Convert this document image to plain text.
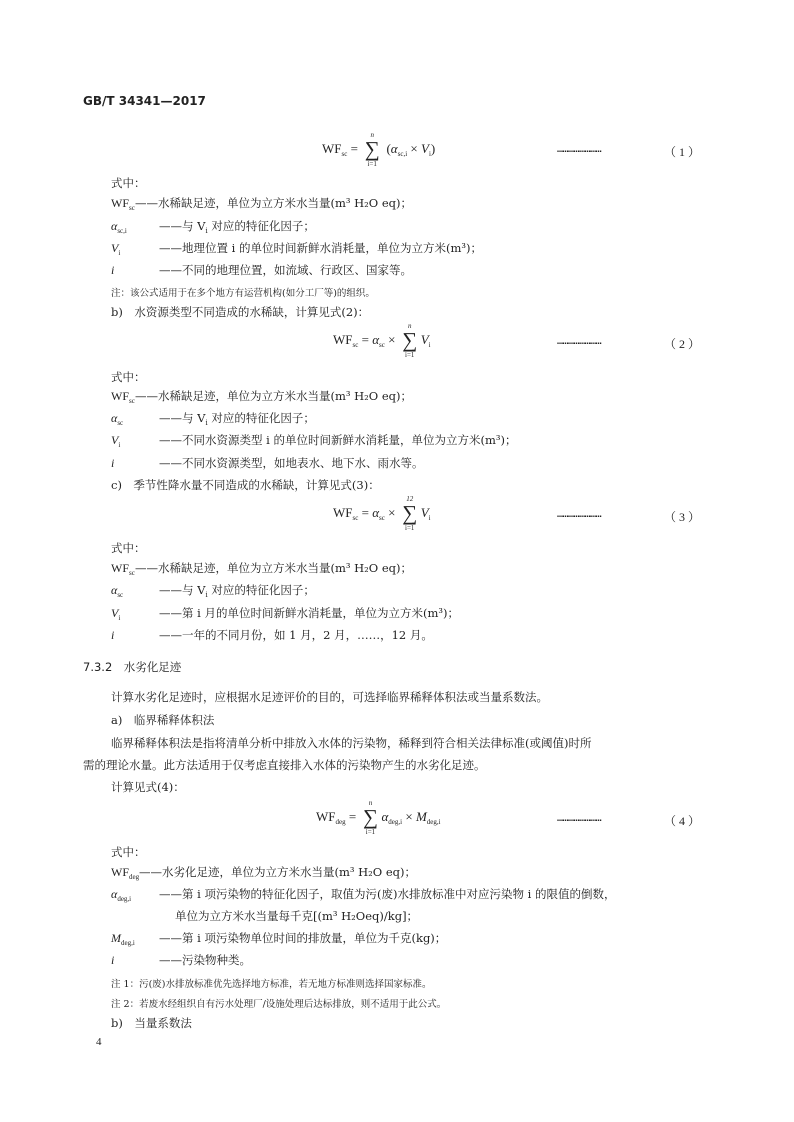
GB/T 34341—2017
$WF_{sc}$ =
n
∑
i=1
$(\alpha_{sc,i} \times V_i)$	……………………	（ 1 ）
式中：
$WF_{sc}——$水稀缺足迹，单位为立方米水当量(m³ H₂O eq)；
$\alpha_{sc,i}$	——与 $V_i$ 对应的特征化因子；
$V_i$	——地理位置 i 的单位时间新鲜水消耗量，单位为立方米(m³)；
i	——不同的地理位置，如流域、行政区、国家等。
注：该公式适用于在多个地方有运营机构(如分工厂等)的组织。
b)　水资源类型不同造成的水稀缺，计算见式(2)：
$WF_{sc} = \alpha_{sc}$ ×
n
∑
i=1
$V_i$	……………………	（ 2 ）
式中：
$WF_{sc}——$水稀缺足迹，单位为立方米水当量(m³ H₂O eq)；
$\alpha_{sc}$	——与 $V_i$ 对应的特征化因子；
$V_i$	——不同水资源类型 i 的单位时间新鲜水消耗量，单位为立方米(m³)；
i	——不同水资源类型，如地表水、地下水、雨水等。
c)　季节性降水量不同造成的水稀缺，计算见式(3)：
$WF_{sc} = \alpha_{sc}$ ×
12
∑
i=1
$V_i$	……………………	（ 3 ）
式中：
$WF_{sc}——$水稀缺足迹，单位为立方米水当量(m³ H₂O eq)；
$\alpha_{sc}$	——与 $V_i$ 对应的特征化因子；
$V_i$	——第 i 月的单位时间新鲜水消耗量，单位为立方米(m³)；
i	——一年的不同月份，如 1 月，2 月，……，12 月。
7.3.2　水劣化足迹
计算水劣化足迹时，应根据水足迹评价的目的，可选择临界稀释体积法或当量系数法。
a)　临界稀释体积法
临界稀释体积法是指将清单分析中排放入水体的污染物，稀释到符合相关法律标准(或阈值)时所
需的理论水量。此方法适用于仅考虑直接排入水体的污染物产生的水劣化足迹。
计算见式(4)：
$WF_{deg}$ =
n
∑
i=1
$\alpha_{deg,i} \times M_{deg,i}$	……………………	（ 4 ）
式中：
$WF_{deg}——$水劣化足迹，单位为立方米水当量(m³ H₂O eq)；
$\alpha_{deg,i}$ ——第 i 项污染物的特征化因子，取值为污(废)水排放标准中对应污染物 i 的限值的倒数，
单位为立方米水当量每千克[(m³ H₂Oeq)/kg]；
$M_{deg,i}$ ——第 i 项污染物单位时间的排放量，单位为千克(kg)；
i	——污染物种类。
注 1：污(废)水排放标准优先选择地方标准，若无地方标准则选择国家标准。
注 2：若废水经组织自有污水处理厂/设施处理后达标排放，则不适用于此公式。
b)　当量系数法
4
